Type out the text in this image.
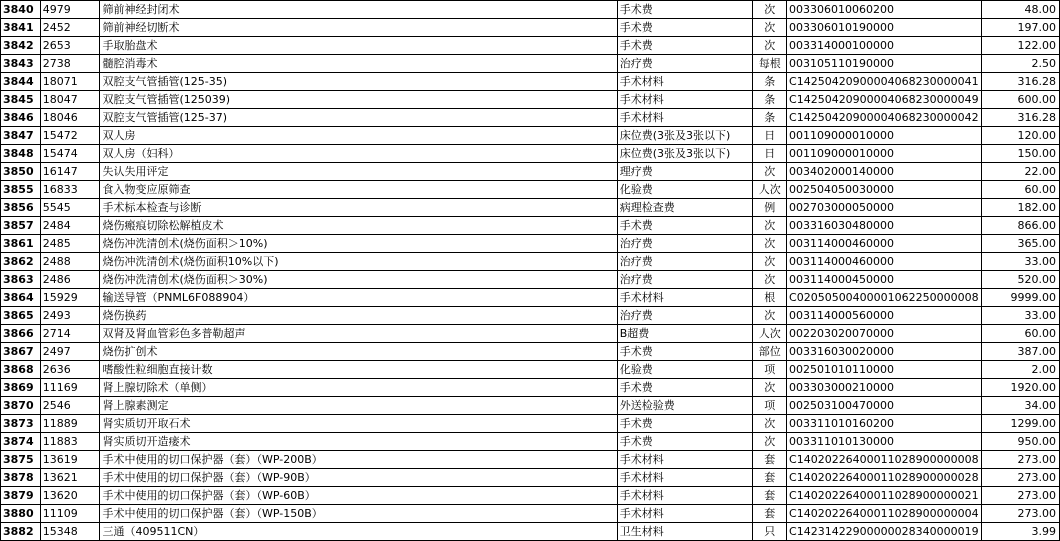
3840	4979	筛前神经封闭术	手术费	次	003306010060200	48.00
3841	2452	筛前神经切断术	手术费	次	003306010190000	197.00
3842	2653	手取胎盘术	手术费	次	003314000100000	122.00
3843	2738	髓腔消毒术	治疗费	每根	003105110190000	2.50
3844	18071	双腔支气管插管(125-35)	手术材料	条	C14250420900004068230000041	316.28
3845	18047	双腔支气管插管(125039)	手术材料	条	C14250420900004068230000049	600.00
3846	18046	双腔支气管插管(125-37)	手术材料	条	C14250420900004068230000042	316.28
3847	15472	双人房	床位费(3张及3张以下)	日	001109000010000	120.00
3848	15474	双人房（妇科）	床位费(3张及3张以下)	日	001109000010000	150.00
3850	16147	失认失用评定	理疗费	次	003402000140000	22.00
3855	16833	食入物变应原筛查	化验费	人次	002504050030000	60.00
3856	5545	手术标本检查与诊断	病理检查费	例	002703000050000	182.00
3857	2484	烧伤瘢痕切除松解植皮术	手术费	次	003316030480000	866.00
3861	2485	烧伤冲洗清创术(烧伤面积＞10%)	治疗费	次	003114000460000	365.00
3862	2488	烧伤冲洗清创术(烧伤面积10%以下)	治疗费	次	003114000460000	33.00
3863	2486	烧伤冲洗清创术(烧伤面积＞30%)	治疗费	次	003114000450000	520.00
3864	15929	输送导管（PNML6F088904）	手术材料	根	C02050500400001062250000008	9999.00
3865	2493	烧伤换药	治疗费	次	003114000560000	33.00
3866	2714	双肾及肾血管彩色多普勒超声	B超费	人次	002203020070000	60.00
3867	2497	烧伤扩创术	手术费	部位	003316030020000	387.00
3868	2636	嗜酸性粒细胞直接计数	化验费	项	002501010110000	2.00
3869	11169	肾上腺切除术（单侧）	手术费	次	003303000210000	1920.00
3870	2546	肾上腺素测定	外送检验费	项	002503100470000	34.00
3873	11889	肾实质切开取石术	手术费	次	003311010160200	1299.00
3874	11883	肾实质切开造瘘术	手术费	次	003311010130000	950.00
3875	13619	手术中使用的切口保护器（套）（WP-200B）	手术材料	套	C14020226400011028900000008	273.00
3878	13621	手术中使用的切口保护器（套）（WP-90B）	手术材料	套	C14020226400011028900000028	273.00
3879	13620	手术中使用的切口保护器（套）（WP-60B）	手术材料	套	C14020226400011028900000021	273.00
3880	11109	手术中使用的切口保护器（套）（WP-150B）	手术材料	套	C14020226400011028900000004	273.00
3882	15348	三通（409511CN）	卫生材料	只	C14231422900000028340000019	3.99
